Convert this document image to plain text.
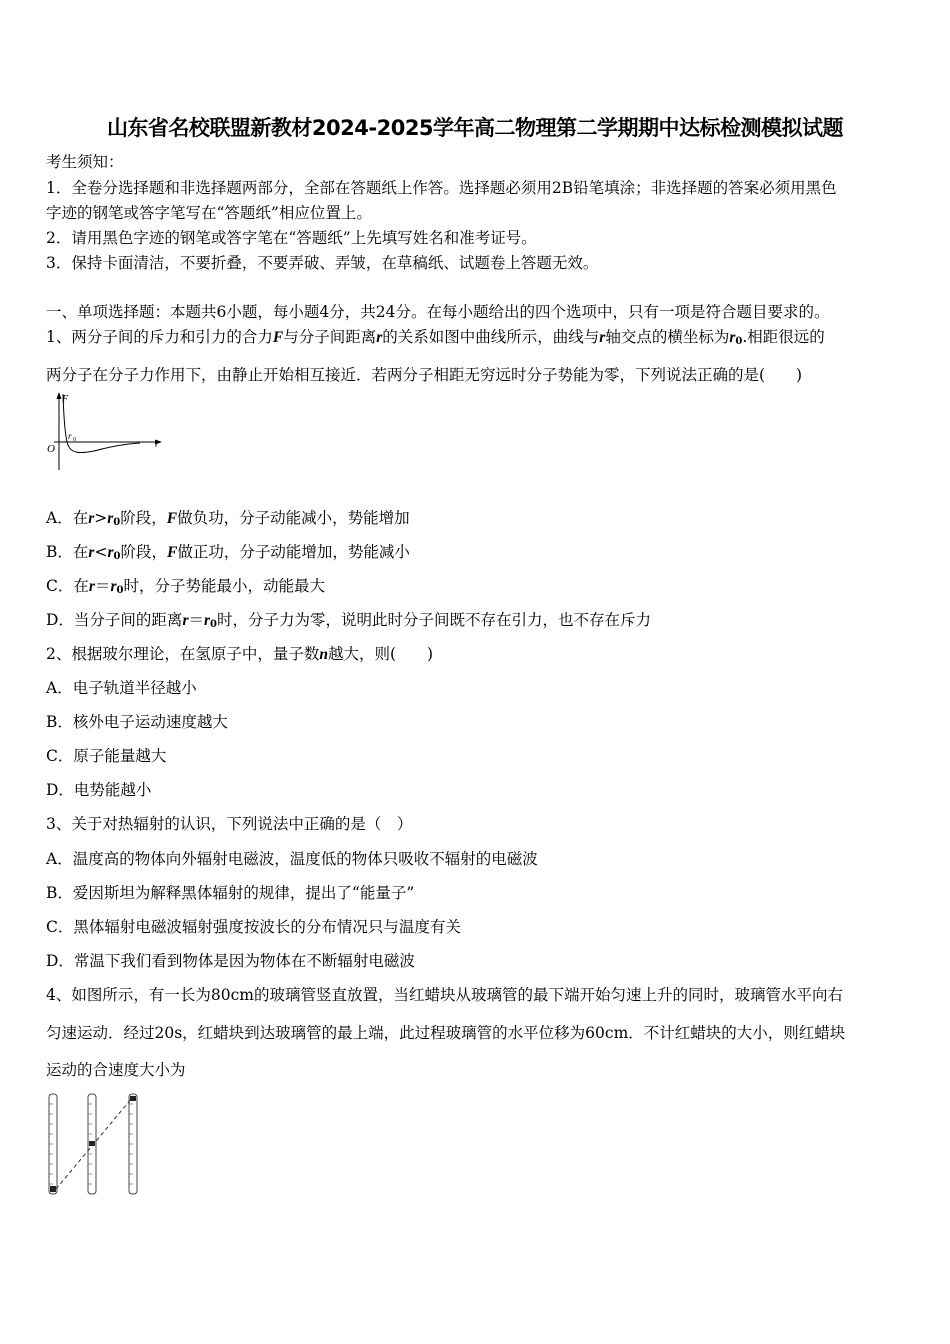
山东省名校联盟新教材2024-2025学年高二物理第二学期期中达标检测模拟试题
考生须知：
1．全卷分选择题和非选择题两部分，全部在答题纸上作答。选择题必须用2B铅笔填涂；非选择题的答案必须用黑色
字迹的钢笔或答字笔写在“答题纸”相应位置上。
2．请用黑色字迹的钢笔或答字笔在“答题纸”上先填写姓名和准考证号。
3．保持卡面清洁，不要折叠，不要弄破、弄皱，在草稿纸、试题卷上答题无效。
一、单项选择题：本题共6小题，每小题4分，共24分。在每小题给出的四个选项中，只有一项是符合题目要求的。
1、两分子间的斥力和引力的合力F与分子间距离r的关系如图中曲线所示，曲线与r轴交点的横坐标为$r_0$.相距很远的
两分子在分子力作用下，由静止开始相互接近．若两分子相距无穷远时分子势能为零，下列说法正确的是(　　)
F
r
O
r 0
A．在$r>r_0$阶段，F做负功，分子动能减小，势能增加
B．在$r<r_0$阶段，F做正功，分子动能增加，势能减小
C．在$r=r_0$时，分子势能最小，动能最大
D．当分子间的距离$r=r_0$时，分子力为零，说明此时分子间既不存在引力，也不存在斥力
2、根据玻尔理论，在氢原子中，量子数n越大，则(　　)
A．电子轨道半径越小
B．核外电子运动速度越大
C．原子能量越大
D．电势能越小
3、关于对热辐射的认识，下列说法中正确的是（　）
A．温度高的物体向外辐射电磁波，温度低的物体只吸收不辐射的电磁波
B．爱因斯坦为解释黑体辐射的规律，提出了“能量子”
C．黑体辐射电磁波辐射强度按波长的分布情况只与温度有关
D．常温下我们看到物体是因为物体在不断辐射电磁波
4、如图所示，有一长为80cm的玻璃管竖直放置，当红蜡块从玻璃管的最下端开始匀速上升的同时，玻璃管水平向右
匀速运动．经过20s，红蜡块到达玻璃管的最上端，此过程玻璃管的水平位移为60cm．不计红蜡块的大小，则红蜡块
运动的合速度大小为
